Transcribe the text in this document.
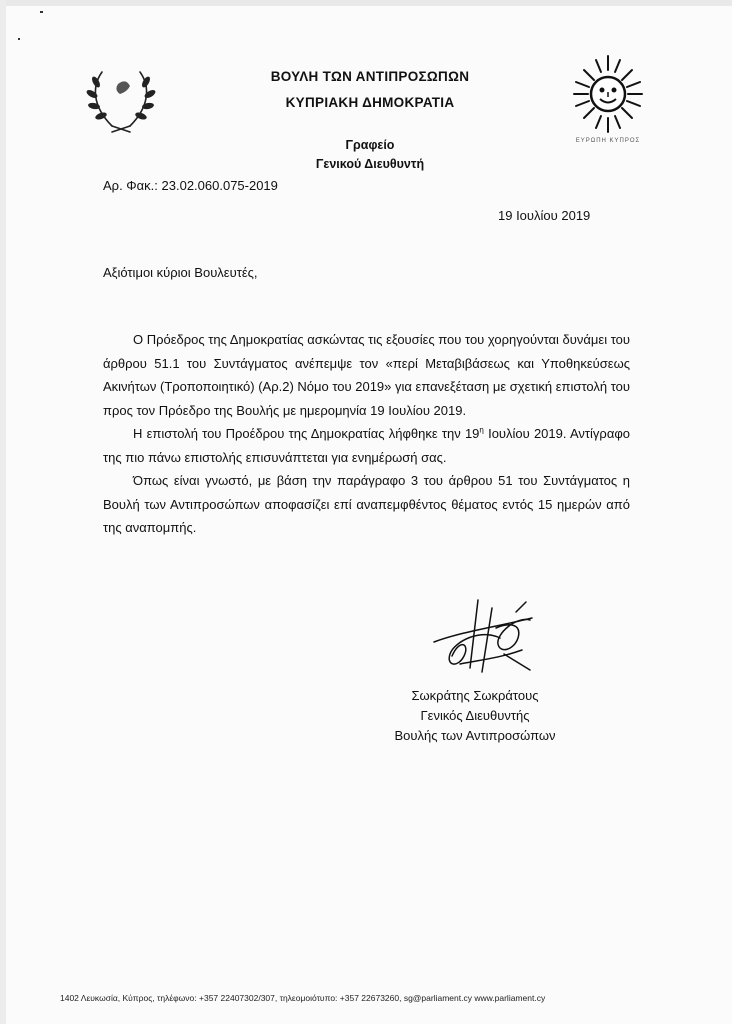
ΒΟΥΛΗ ΤΩΝ ΑΝΤΙΠΡΟΣΩΠΩΝ
ΚΥΠΡΙΑΚΗ ΔΗΜΟΚΡΑΤΙΑ
Γραφείο
Γενικού Διευθυντή
ΕΥΡΩΠΗ ΚΥΠΡΟΣ
Αρ. Φακ.: 23.02.060.075-2019
19 Ιουλίου 2019
Αξιότιμοι κύριοι Βουλευτές,

Ο Πρόεδρος της Δημοκρατίας ασκώντας τις εξουσίες που του χορηγούνται δυνάμει του άρθρου 51.1 του Συντάγματος ανέπεμψε τον «περί Μεταβιβάσεως και Υποθηκεύσεως Ακινήτων (Τροποποιητικό) (Αρ.2) Νόμο του 2019» για επανεξέταση με σχετική επιστολή του προς τον Πρόεδρο της Βουλής με ημερομηνία 19 Ιουλίου 2019.

Η επιστολή του Προέδρου της Δημοκρατίας λήφθηκε την $19^\eta$ Ιουλίου 2019. Αντίγραφο της πιο πάνω επιστολής επισυνάπτεται για ενημέρωσή σας.

Όπως είναι γνωστό, με βάση την παράγραφο 3 του άρθρου 51 του Συντάγματος η Βουλή των Αντιπροσώπων αποφασίζει επί αναπεμφθέντος θέματος εντός 15 ημερών από της αναπομπής.

Σωκράτης Σωκράτους
Γενικός Διευθυντής
Βουλής των Αντιπροσώπων
1402 Λευκωσία, Κύπρος, τηλέφωνο: +357 22407302/307, τηλεομοιότυπο: +357 22673260, sg@parliament.cy www.parliament.cy
